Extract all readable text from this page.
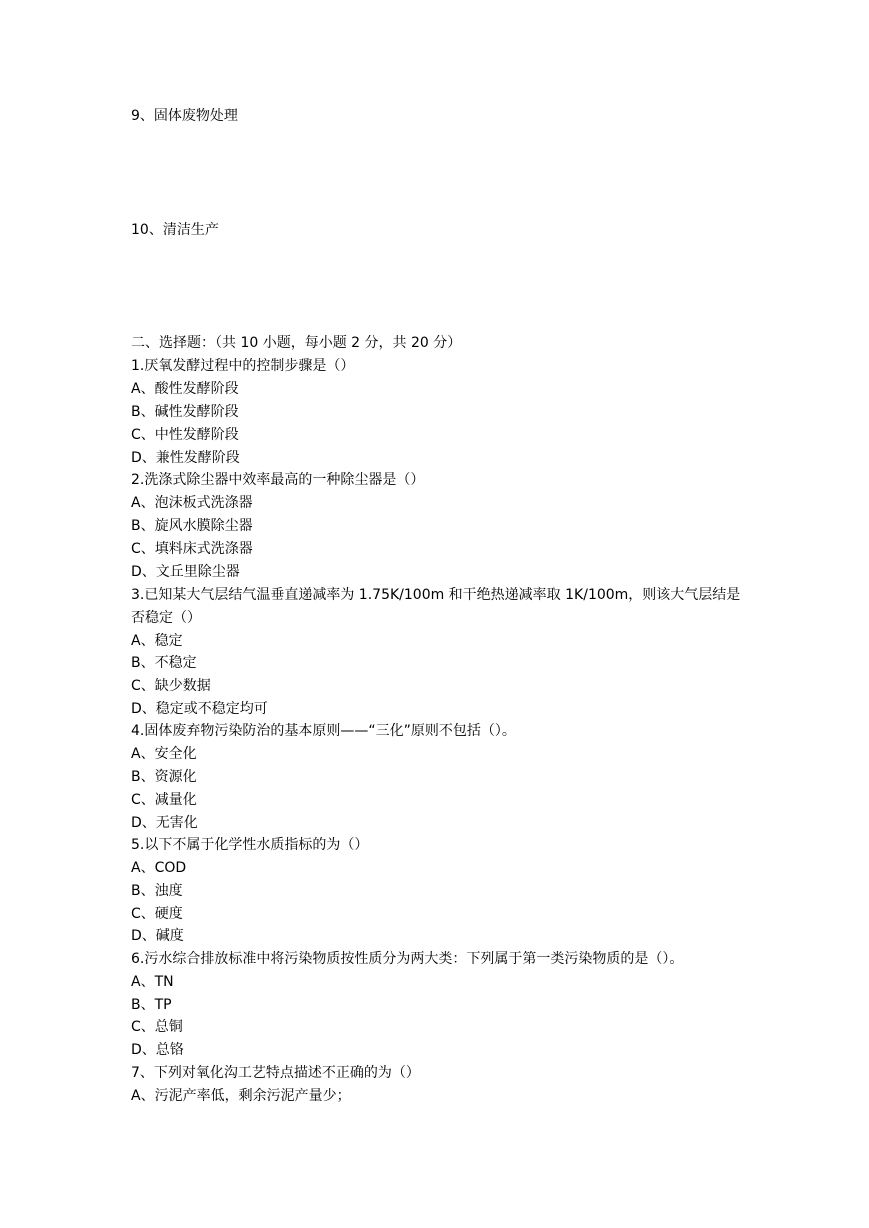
9、固体废物处理
10、清洁生产
二、选择题：（共 10 小题，每小题 2 分，共 20 分）
1.厌氧发酵过程中的控制步骤是（）
A、酸性发酵阶段
B、碱性发酵阶段
C、中性发酵阶段
D、兼性发酵阶段
2.洗涤式除尘器中效率最高的一种除尘器是（）
A、泡沫板式洗涤器
B、旋风水膜除尘器
C、填料床式洗涤器
D、文丘里除尘器
3.已知某大气层结气温垂直递减率为 1.75K/100m 和干绝热递减率取 1K/100m，则该大气层结是否稳定（）
A、稳定
B、不稳定
C、缺少数据
D、稳定或不稳定均可
4.固体废弃物污染防治的基本原则——“三化”原则不包括（）。
A、安全化
B、资源化
C、减量化
D、无害化
5.以下不属于化学性水质指标的为（）
A、COD
B、浊度
C、硬度
D、碱度
6.污水综合排放标准中将污染物质按性质分为两大类：下列属于第一类污染物质的是（）。
A、TN
B、TP
C、总铜
D、总铬
7、下列对氧化沟工艺特点描述不正确的为（）
A、污泥产率低，剩余污泥产量少；
